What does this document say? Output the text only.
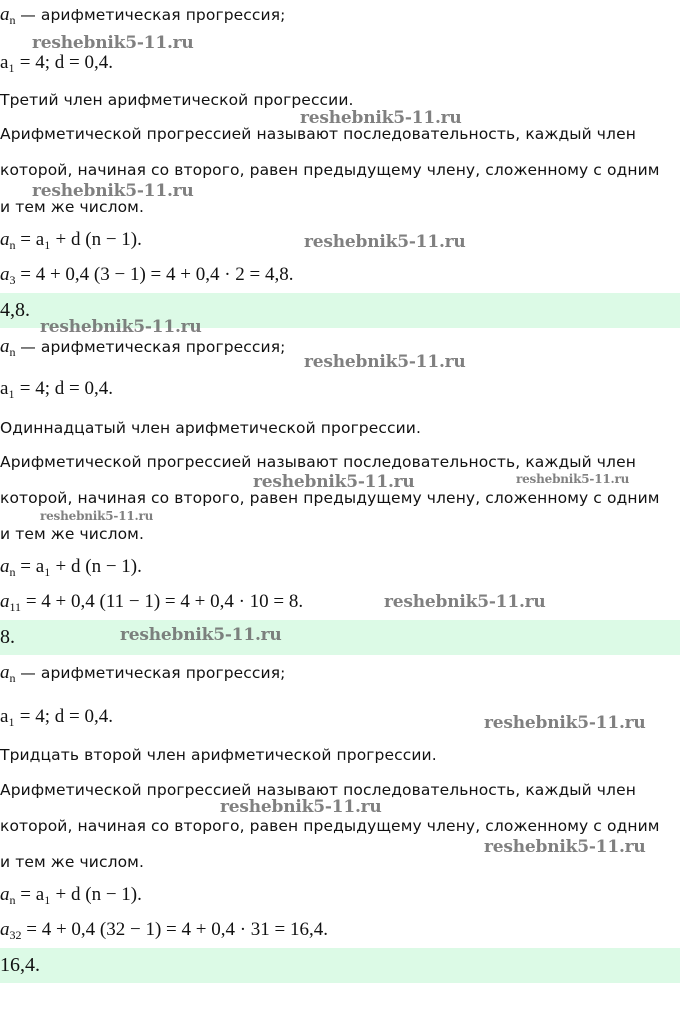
$a_n$ — арифметическая прогрессия;
a₁ = 4; d = 0,4.
Третий член арифметической прогрессии.
Арифметической прогрессией называют последовательность, каждый член
которой, начиная со второго, равен предыдущему члену, сложенному с одним
и тем же числом.
$a_n = a_1 + d$ (n − 1).
$a_3 = 4 + 0,4$ (3 − 1) = 4 + 0,4 · 2 = 4,8.
4,8.
$a_n$ — арифметическая прогрессия;
a₁ = 4; d = 0,4.
Одиннадцатый член арифметической прогрессии.
Арифметической прогрессией называют последовательность, каждый член
которой, начиная со второго, равен предыдущему члену, сложенному с одним
и тем же числом.
$a_n = a_1 + d$ (n − 1).
$a_{11} = 4 + 0,4$ (11 − 1) = 4 + 0,4 · 10 = 8.
8.
$a_n$ — арифметическая прогрессия;
a₁ = 4; d = 0,4.
Тридцать второй член арифметической прогрессии.
Арифметической прогрессией называют последовательность, каждый член
которой, начиная со второго, равен предыдущему члену, сложенному с одним
и тем же числом.
$a_n = a_1 + d$ (n − 1).
$a_{32} = 4 + 0,4$ (32 − 1) = 4 + 0,4 · 31 = 16,4.
16,4.
reshebnik5-11.ru
reshebnik5-11.ru
reshebnik5-11.ru
reshebnik5-11.ru
reshebnik5-11.ru
reshebnik5-11.ru
reshebnik5-11.ru	reshebnik5-11.ru
reshebnik5-11.ru
reshebnik5-11.ru
reshebnik5-11.ru
reshebnik5-11.ru
reshebnik5-11.ru
reshebnik5-11.ru
